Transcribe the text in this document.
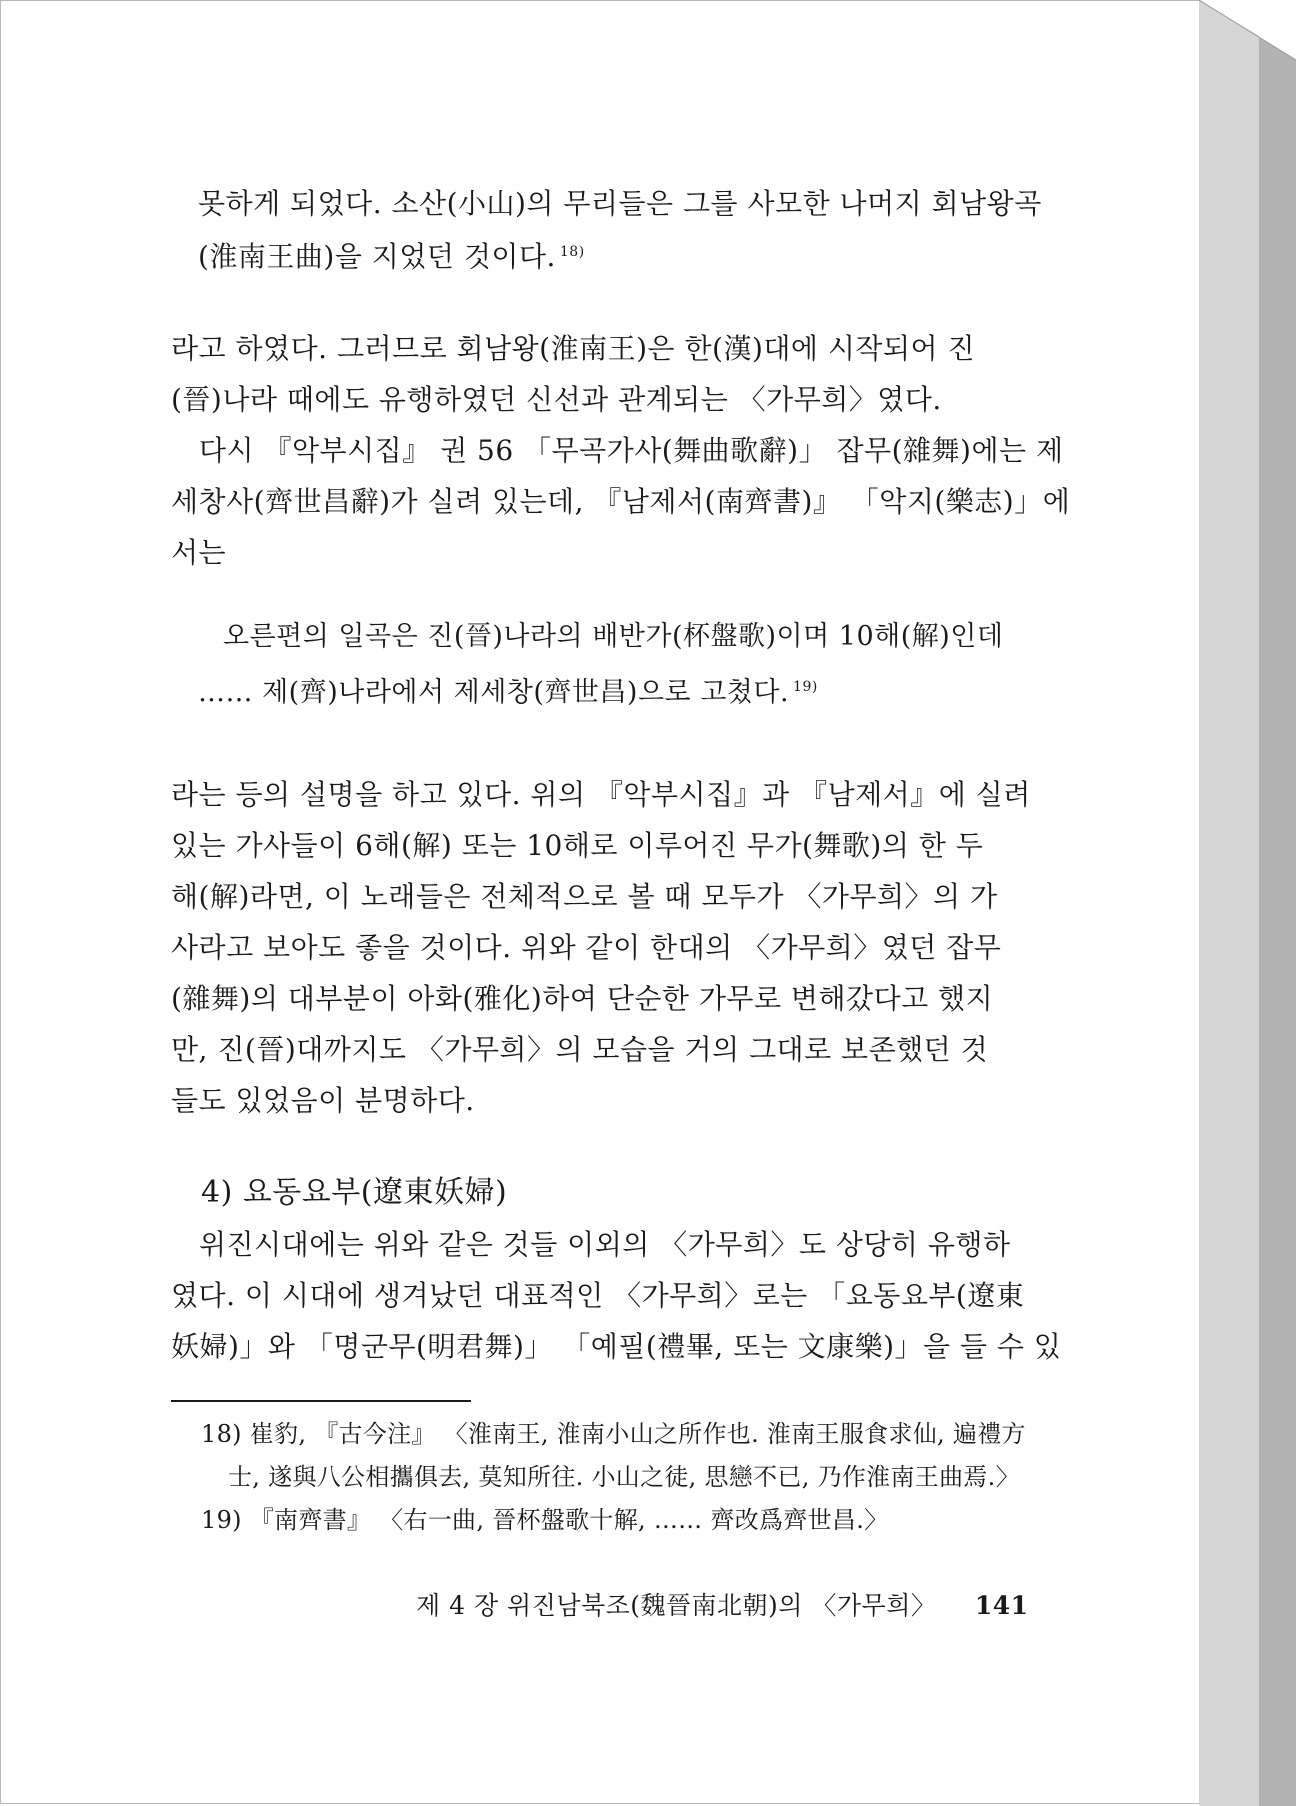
못하게 되었다. 소산(小山)의 무리들은 그를 사모한 나머지 회남왕곡
(淮南王曲)을 지었던 것이다. $^{18)}$
라고 하였다. 그러므로 회남왕(淮南王)은 한(漢)대에 시작되어 진
(晉)나라 때에도 유행하였던 신선과 관계되는 〈가무희〉였다.
다시 『악부시집』 권 56 「무곡가사(舞曲歌辭)」 잡무(雜舞)에는 제
세창사(齊世昌辭)가 실려 있는데, 『남제서(南齊書)』 「악지(樂志)」에
서는
오른편의 일곡은 진(晉)나라의 배반가(杯盤歌)이며 10해(解)인데
…… 제(齊)나라에서 제세창(齊世昌)으로 고쳤다. $^{19)}$
라는 등의 설명을 하고 있다. 위의 『악부시집』과 『남제서』에 실려
있는 가사들이 6해(解) 또는 10해로 이루어진 무가(舞歌)의 한 두
해(解)라면, 이 노래들은 전체적으로 볼 때 모두가 〈가무희〉의 가
사라고 보아도 좋을 것이다. 위와 같이 한대의 〈가무희〉였던 잡무
(雜舞)의 대부분이 아화(雅化)하여 단순한 가무로 변해갔다고 했지
만, 진(晉)대까지도 〈가무희〉의 모습을 거의 그대로 보존했던 것
들도 있었음이 분명하다.
4) 요동요부(遼東妖婦)
위진시대에는 위와 같은 것들 이외의 〈가무희〉도 상당히 유행하
였다. 이 시대에 생겨났던 대표적인 〈가무희〉로는 「요동요부(遼東
妖婦)」와 「명군무(明君舞)」 「예필(禮畢, 또는 文康樂)」을 들 수 있
18) 崔豹, 『古今注』 〈淮南王, 淮南小山之所作也. 淮南王服食求仙, 遍禮方
士, 遂與八公相攜俱去, 莫知所往. 小山之徒, 思戀不已, 乃作淮南王曲焉.〉
19) 『南齊書』 〈右一曲, 晉杯盤歌十解, …… 齊改爲齊世昌.〉
제 4 장 위진남북조(魏晉南北朝)의 〈가무희〉 141
